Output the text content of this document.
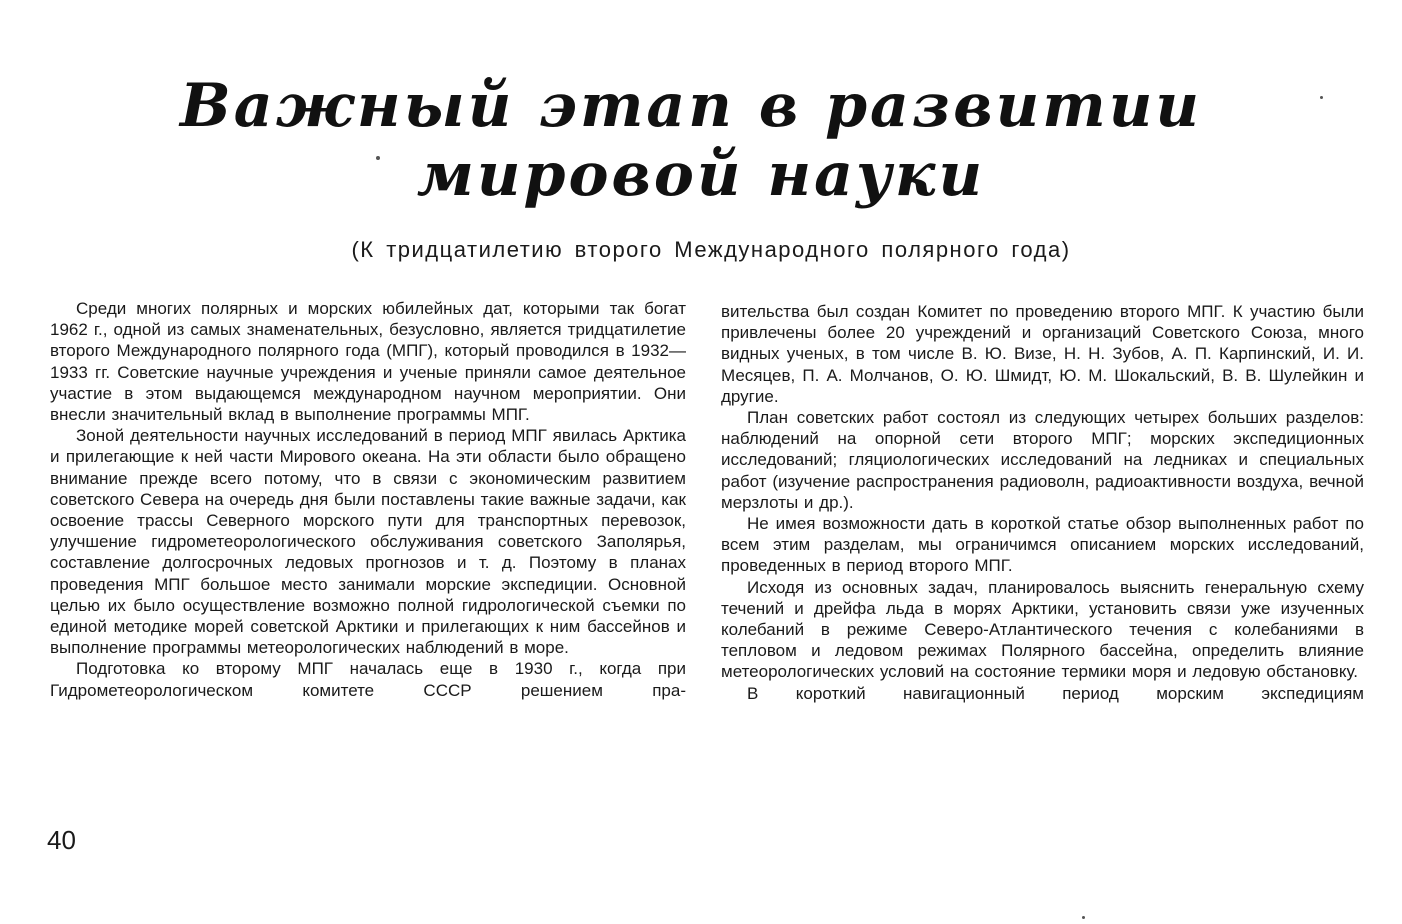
Важный этап в развитии
мировой науки
(К тридцатилетию второго Международного полярного года)

Среди многих полярных и морских юбилейных дат, которыми так богат 1962 г., одной из самых знаменательных, безусловно, является тридцатилетие второго Международного полярного года (МПГ), который проводился в 1932—1933 гг. Советские научные учреждения и ученые приняли самое деятельное участие в этом выдающемся международном научном мероприятии. Они внесли значительный вклад в выполнение программы МПГ.

Зоной деятельности научных исследований в период МПГ явилась Арктика и прилегающие к ней части Мирового океана. На эти области было обращено внимание прежде всего потому, что в связи с экономическим развитием советского Севера на очередь дня были поставлены такие важные задачи, как освоение трассы Северного морского пути для транспортных перевозок, улучшение гидрометеорологического обслуживания советского Заполярья, составление долгосрочных ледовых прогнозов и т. д. Поэтому в планах проведения МПГ большое место занимали морские экспедиции. Основной целью их было осуществление возможно полной гидрологической съемки по единой методике морей советской Арктики и прилегающих к ним бассейнов и выполнение программы метеорологических наблюдений в море.

Подготовка ко второму МПГ началась еще в 1930 г., когда при Гидрометеорологическом комитете СССР решением пра-

вительства был создан Комитет по проведению второго МПГ. К участию были привлечены более 20 учреждений и организаций Советского Союза, много видных ученых, в том числе В. Ю. Визе, Н. Н. Зубов, А. П. Карпинский, И. И. Месяцев, П. А. Молчанов, О. Ю. Шмидт, Ю. М. Шокальский, В. В. Шулейкин и другие.

План советских работ состоял из следующих четырех больших разделов: наблюдений на опорной сети второго МПГ; морских экспедиционных исследований; гляциологических исследований на ледниках и специальных работ (изучение распространения радиоволн, радиоактивности воздуха, вечной мерзлоты и др.).

Не имея возможности дать в короткой статье обзор выполненных работ по всем этим разделам, мы ограничимся описанием морских исследований, проведенных в период второго МПГ.

Исходя из основных задач, планировалось выяснить генеральную схему течений и дрейфа льда в морях Арктики, установить связи уже изученных колебаний в режиме Северо-Атлантического течения с колебаниями в тепловом и ледовом режимах Полярного бассейна, определить влияние метеорологических условий на состояние термики моря и ледовую обстановку.

В короткий навигационный период морским экспедициям

40
